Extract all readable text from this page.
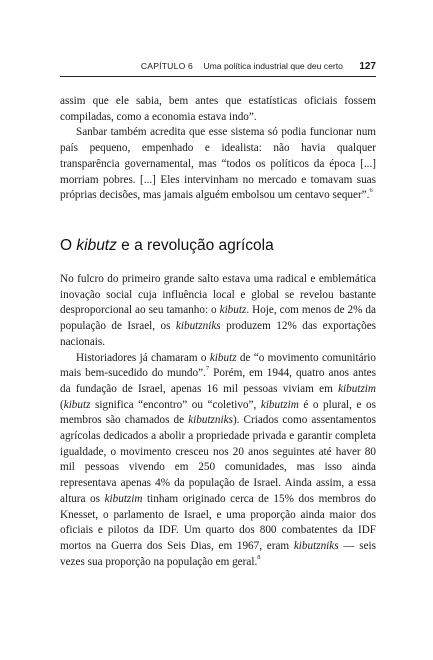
CAPÍTULO 6 Uma política industrial que deu certo 127

assim que ele sabia, bem antes que estatísticas oficiais fossem compiladas, como a economia estava indo”.

Sanbar também acredita que esse sistema só podia funcionar num país pequeno, empenhado e idealista: não havia qualquer transparência governamental, mas “todos os políticos da época [...] morriam pobres. [...] Eles intervinham no mercado e tomavam suas próprias decisões, mas jamais alguém embolsou um centavo sequer”.$^6$

O kibutz e a revolução agrícola

No fulcro do primeiro grande salto estava uma radical e emblemática inovação social cuja influência local e global se revelou bastante desproporcional ao seu tamanho: o kibutz. Hoje, com menos de 2% da população de Israel, os kibutzniks produzem 12% das exportações nacionais.

Historiadores já chamaram o kibutz de “o movimento comunitário mais bem-sucedido do mundo”.$^7$ Porém, em 1944, quatro anos antes da fundação de Israel, apenas 16 mil pessoas viviam em kibutzim (kibutz significa “encontro” ou “coletivo”, kibutzim é o plural, e os membros são chamados de kibutzniks). Criados como assentamentos agrícolas dedicados a abolir a propriedade privada e garantir completa igualdade, o movimento cresceu nos 20 anos seguintes até haver 80 mil pessoas vivendo em 250 comunidades, mas isso ainda representava apenas 4% da população de Israel. Ainda assim, a essa altura os kibutzim tinham originado cerca de 15% dos membros do Knesset, o parlamento de Israel, e uma proporção ainda maior dos oficiais e pilotos da IDF. Um quarto dos 800 combatentes da IDF mortos na Guerra dos Seis Dias, em 1967, eram kibutzniks — seis vezes sua proporção na população em geral.$^8$
